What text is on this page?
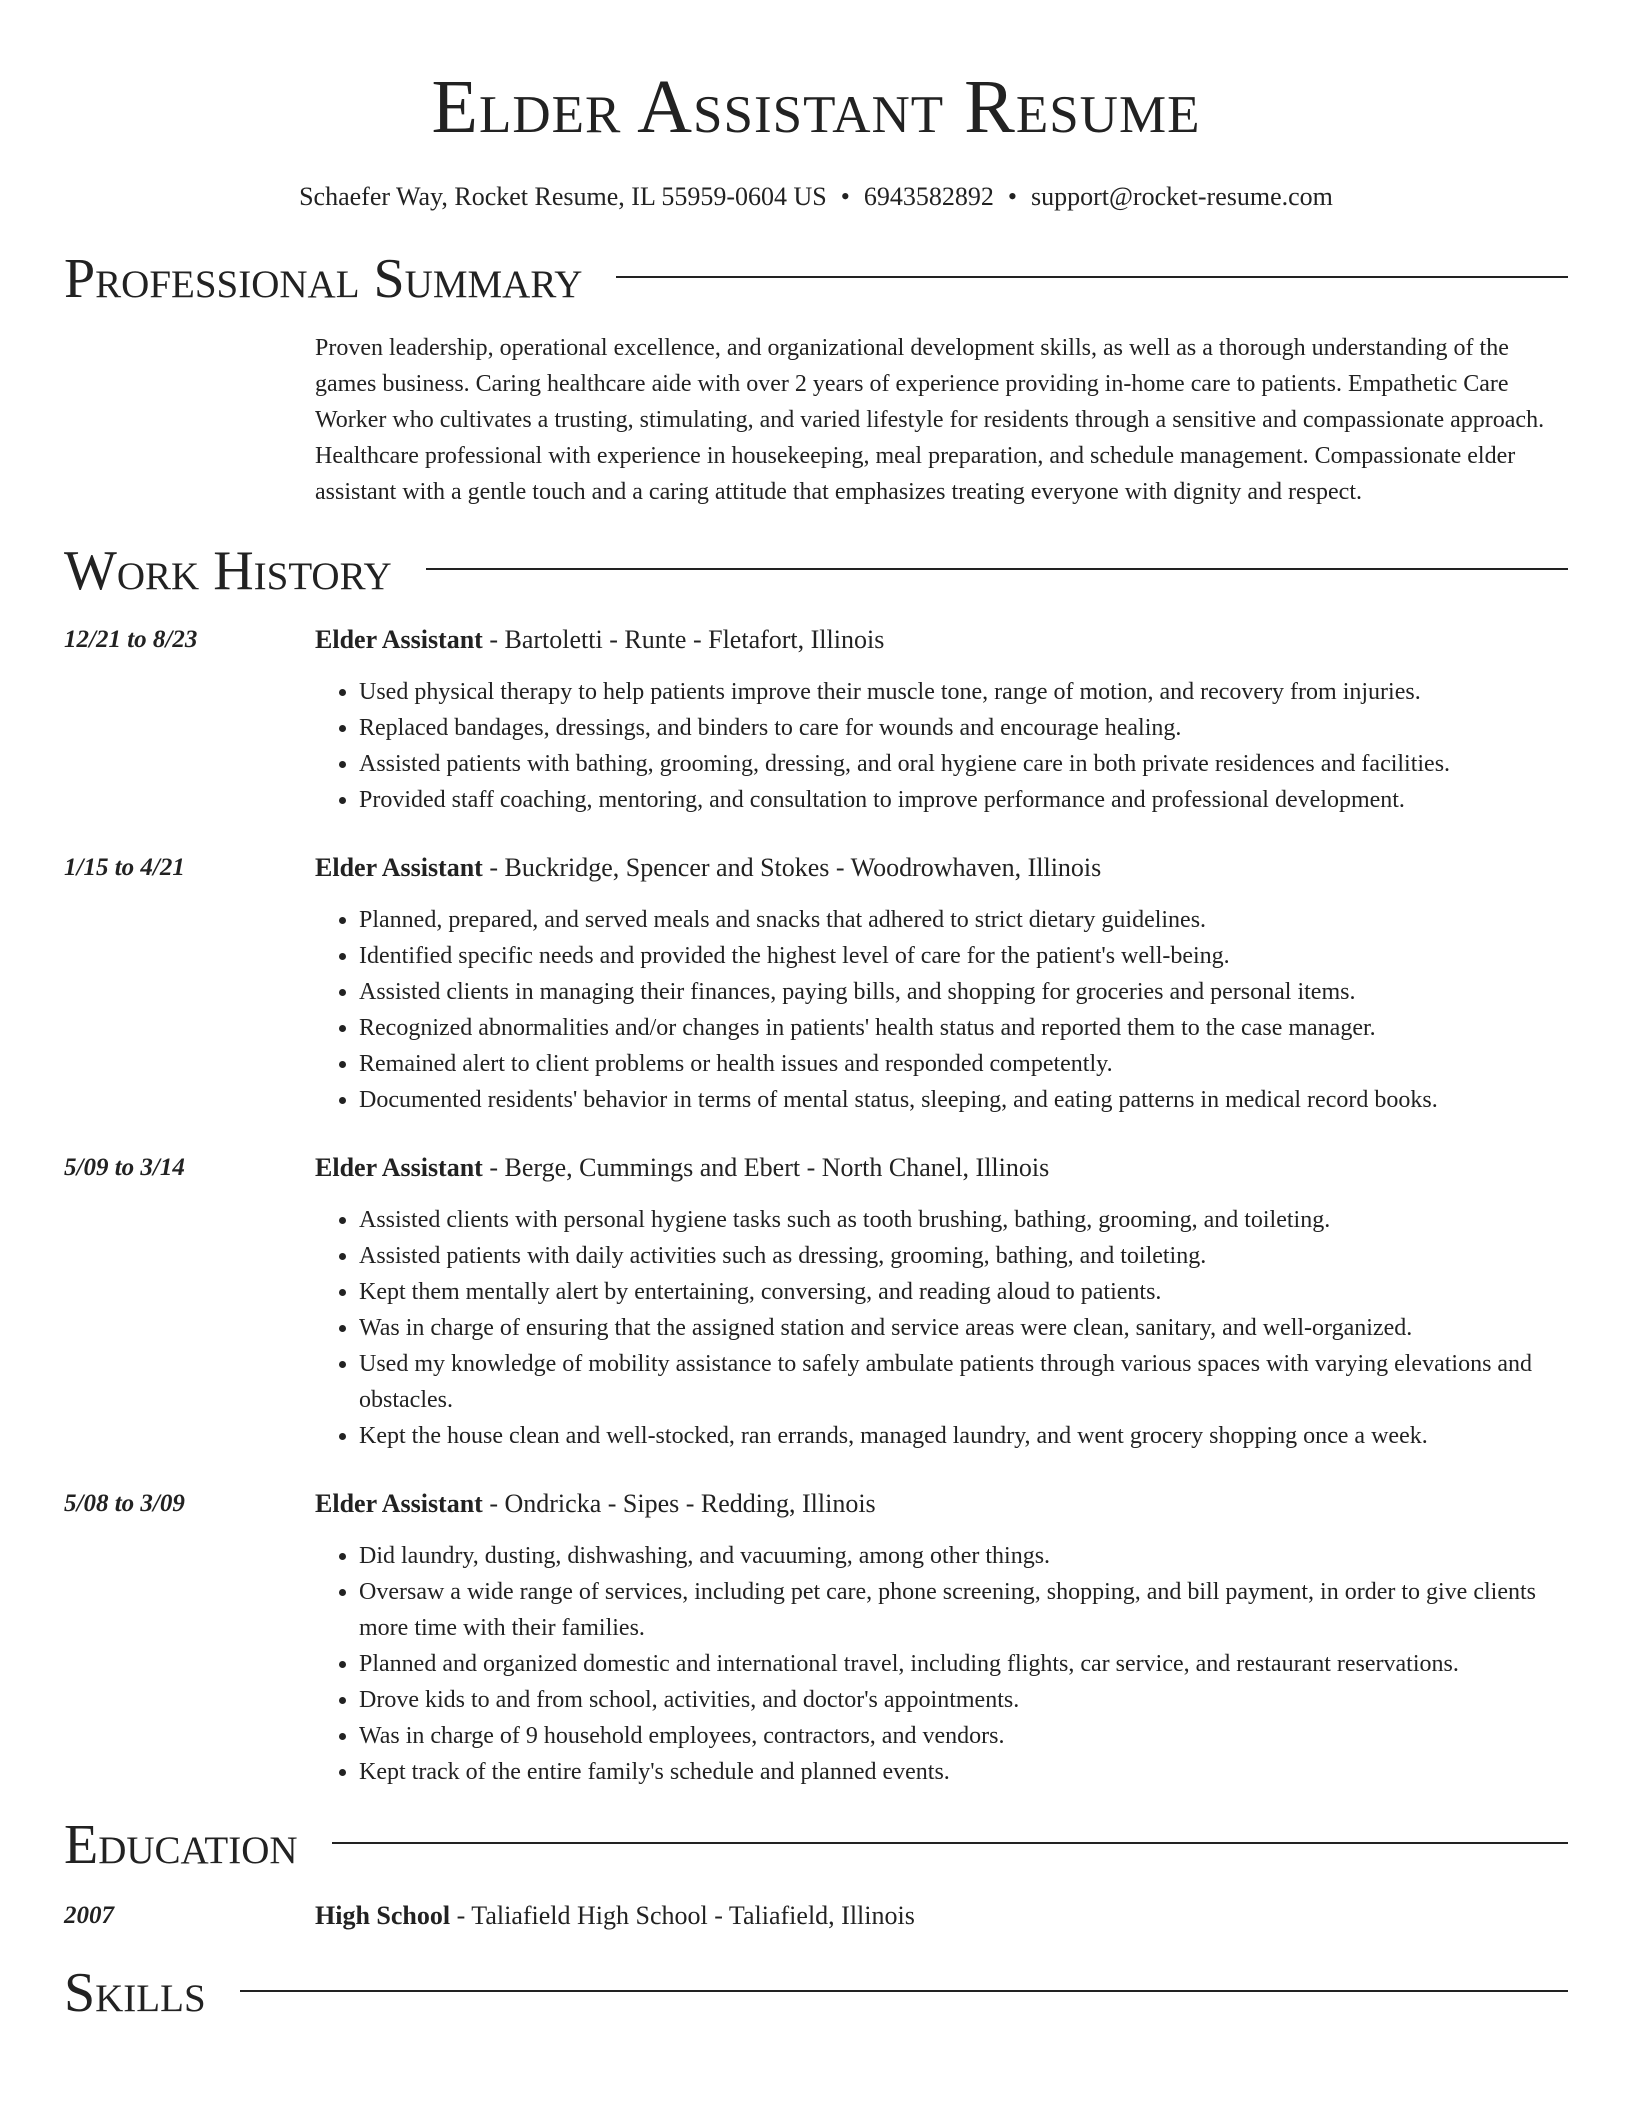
Elder Assistant Resume
Schaefer Way, Rocket Resume, IL 55959-0604 US • 6943582892 • support@rocket-resume.com
Professional Summary
Proven leadership, operational excellence, and organizational development skills, as well as a thorough understanding of the games business. Caring healthcare aide with over 2 years of experience providing in-home care to patients. Empathetic Care Worker who cultivates a trusting, stimulating, and varied lifestyle for residents through a sensitive and compassionate approach. Healthcare professional with experience in housekeeping, meal preparation, and schedule management. Compassionate elder assistant with a gentle touch and a caring attitude that emphasizes treating everyone with dignity and respect.
Work History
12/21 to 8/23	Elder Assistant - Bartoletti - Runte - Fletafort, Illinois
• Used physical therapy to help patients improve their muscle tone, range of motion, and recovery from injuries.
• Replaced bandages, dressings, and binders to care for wounds and encourage healing.
• Assisted patients with bathing, grooming, dressing, and oral hygiene care in both private residences and facilities.
• Provided staff coaching, mentoring, and consultation to improve performance and professional development.
1/15 to 4/21	Elder Assistant - Buckridge, Spencer and Stokes - Woodrowhaven, Illinois
• Planned, prepared, and served meals and snacks that adhered to strict dietary guidelines.
• Identified specific needs and provided the highest level of care for the patient's well-being.
• Assisted clients in managing their finances, paying bills, and shopping for groceries and personal items.
• Recognized abnormalities and/or changes in patients' health status and reported them to the case manager.
• Remained alert to client problems or health issues and responded competently.
• Documented residents' behavior in terms of mental status, sleeping, and eating patterns in medical record books.
5/09 to 3/14	Elder Assistant - Berge, Cummings and Ebert - North Chanel, Illinois
• Assisted clients with personal hygiene tasks such as tooth brushing, bathing, grooming, and toileting.
• Assisted patients with daily activities such as dressing, grooming, bathing, and toileting.
• Kept them mentally alert by entertaining, conversing, and reading aloud to patients.
• Was in charge of ensuring that the assigned station and service areas were clean, sanitary, and well-organized.
• Used my knowledge of mobility assistance to safely ambulate patients through various spaces with varying elevations and obstacles.
• Kept the house clean and well-stocked, ran errands, managed laundry, and went grocery shopping once a week.
5/08 to 3/09	Elder Assistant - Ondricka - Sipes - Redding, Illinois
• Did laundry, dusting, dishwashing, and vacuuming, among other things.
• Oversaw a wide range of services, including pet care, phone screening, shopping, and bill payment, in order to give clients more time with their families.
• Planned and organized domestic and international travel, including flights, car service, and restaurant reservations.
• Drove kids to and from school, activities, and doctor's appointments.
• Was in charge of 9 household employees, contractors, and vendors.
• Kept track of the entire family's schedule and planned events.
Education
2007	High School - Taliafield High School - Taliafield, Illinois
Skills
